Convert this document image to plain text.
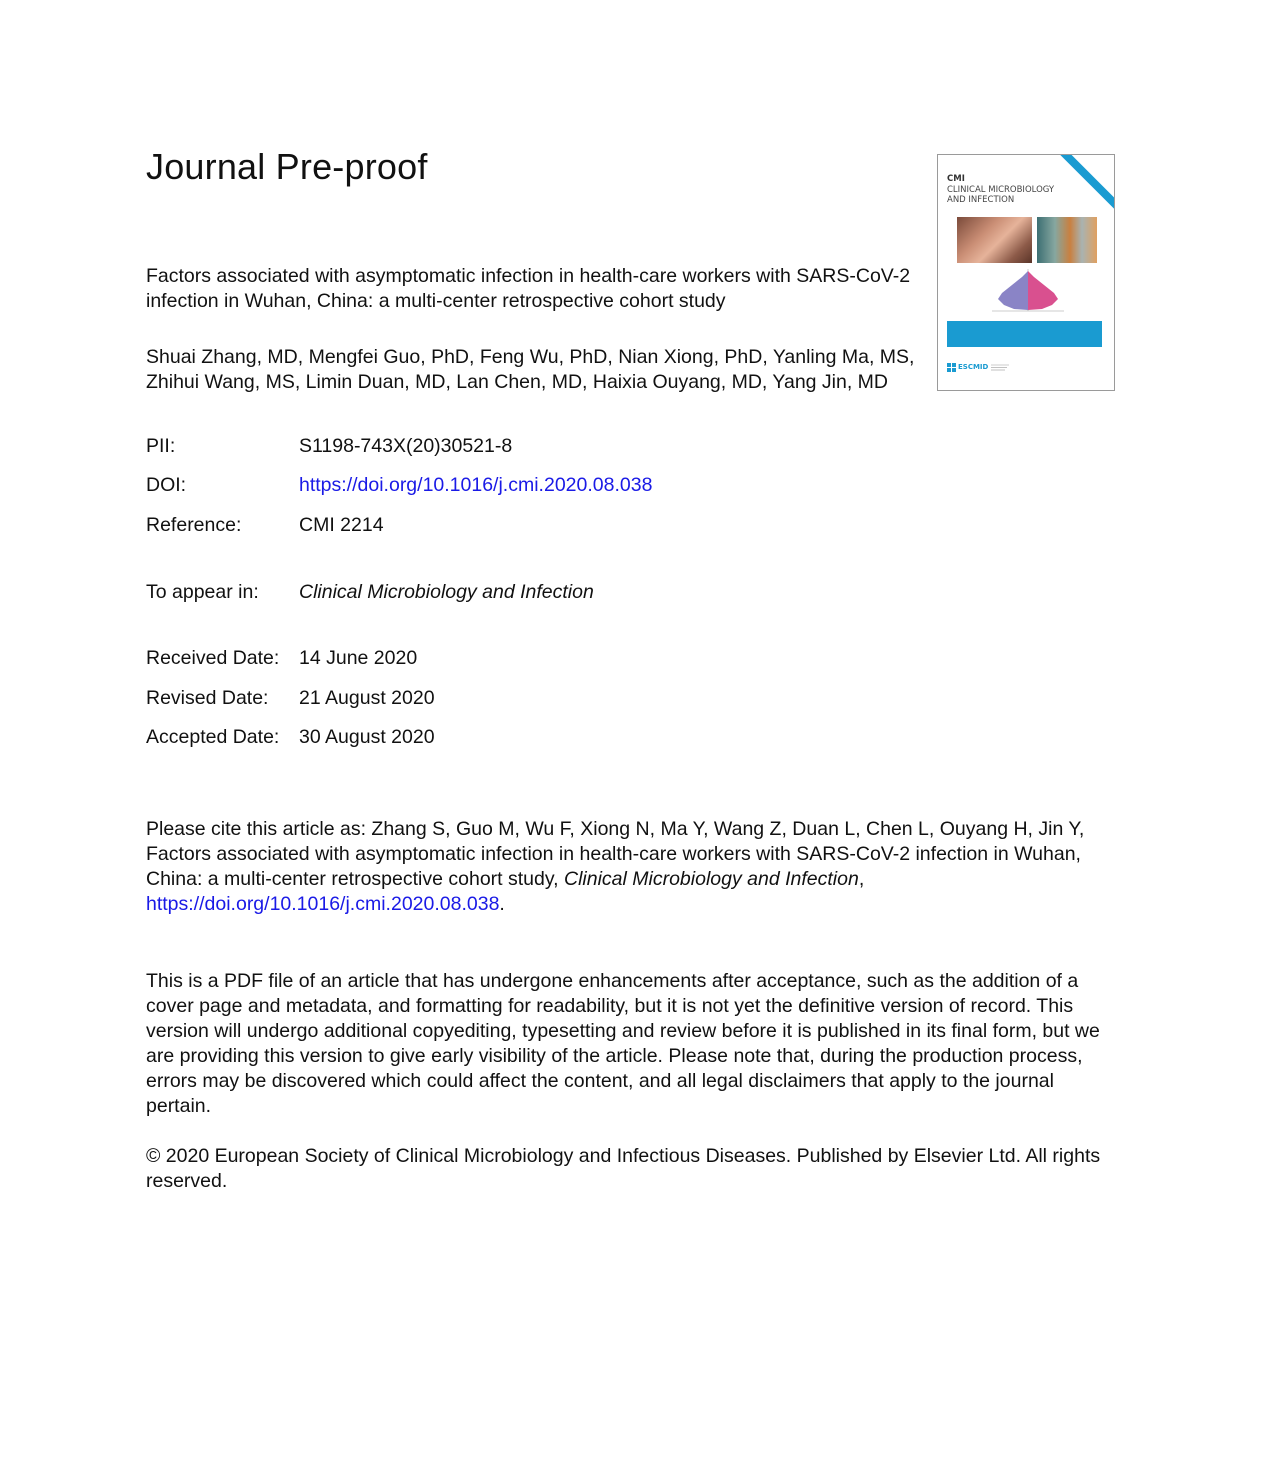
Journal Pre-proof

Factors associated with asymptomatic infection in health-care workers with SARS-CoV-2 infection in Wuhan, China: a multi-center retrospective cohort study

Shuai Zhang, MD, Mengfei Guo, PhD, Feng Wu, PhD, Nian Xiong, PhD, Yanling Ma, MS, Zhihui Wang, MS, Limin Duan, MD, Lan Chen, MD, Haixia Ouyang, MD, Yang Jin, MD

PII:	S1198-743X(20)30521-8
DOI:	https://doi.org/10.1016/j.cmi.2020.08.038
Reference:	CMI 2214
To appear in: Clinical Microbiology and Infection
Received Date: 14 June 2020
Revised Date: 21 August 2020
Accepted Date: 30 August 2020

Please cite this article as: Zhang S, Guo M, Wu F, Xiong N, Ma Y, Wang Z, Duan L, Chen L, Ouyang H, Jin Y, Factors associated with asymptomatic infection in health-care workers with SARS-CoV-2 infection in Wuhan, China: a multi-center retrospective cohort study, Clinical Microbiology and Infection, https://doi.org/10.1016/j.cmi.2020.08.038.

This is a PDF file of an article that has undergone enhancements after acceptance, such as the addition of a cover page and metadata, and formatting for readability, but it is not yet the definitive version of record. This version will undergo additional copyediting, typesetting and review before it is published in its final form, but we are providing this version to give early visibility of the article. Please note that, during the production process, errors may be discovered which could affect the content, and all legal disclaimers that apply to the journal pertain.

© 2020 European Society of Clinical Microbiology and Infectious Diseases. Published by Elsevier Ltd. All rights reserved.

CMI
CLINICAL MICROBIOLOGY
AND INFECTION
ESCMID
